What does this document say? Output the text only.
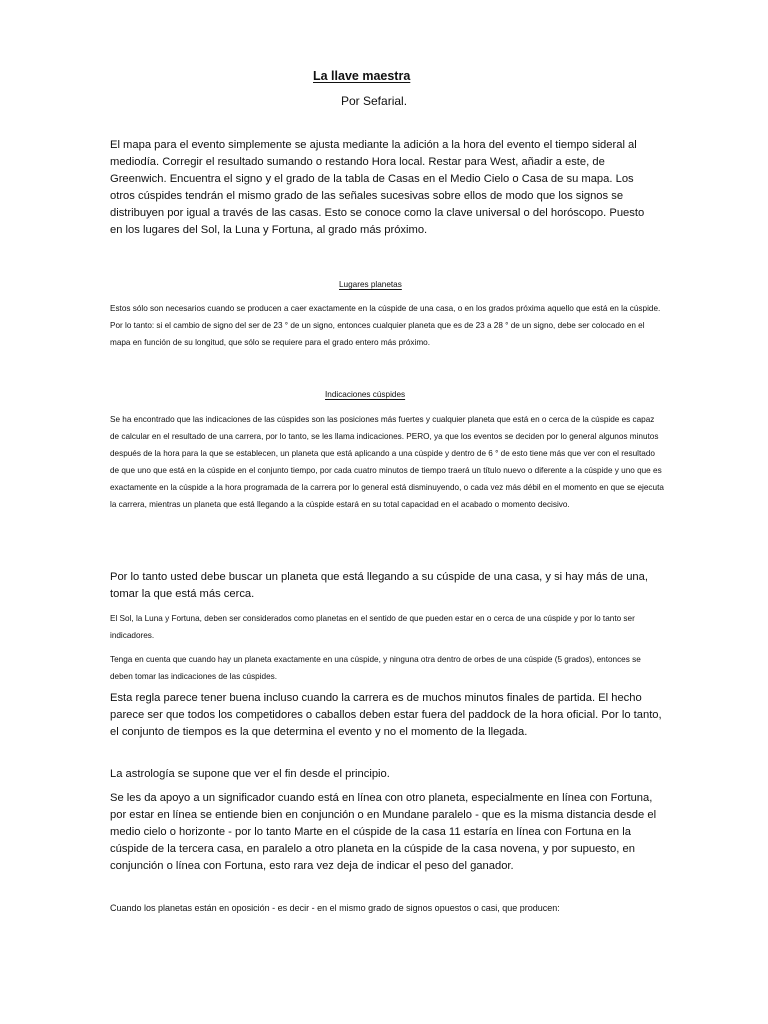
La llave maestra

Por Sefarial.

El mapa para el evento simplemente se ajusta mediante la adición a la hora del evento el tiempo sideral al mediodía. Corregir el resultado sumando o restando Hora local. Restar para West, añadir a este, de Greenwich. Encuentra el signo y el grado de la tabla de Casas en el Medio Cielo o Casa de su mapa. Los otros cúspides tendrán el mismo grado de las señales sucesivas sobre ellos de modo que los signos se distribuyen por igual a través de las casas. Esto se conoce como la clave universal o del horóscopo. Puesto en los lugares del Sol, la Luna y Fortuna, al grado más próximo.

Lugares planetas

Estos sólo son necesarios cuando se producen a caer exactamente en la cúspide de una casa, o en los grados próxima aquello que está en la cúspide. Por lo tanto: si el cambio de signo del ser de 23 ° de un signo, entonces cualquier planeta que es de 23 a 28 ° de un signo, debe ser colocado en el mapa en función de su longitud, que sólo se requiere para el grado entero más próximo.

Indicaciones cúspides

Se ha encontrado que las indicaciones de las cúspides son las posiciones más fuertes y cualquier planeta que está en o cerca de la cúspide es capaz de calcular en el resultado de una carrera, por lo tanto, se les llama indicaciones. PERO, ya que los eventos se deciden por lo general algunos minutos después de la hora para la que se establecen, un planeta que está aplicando a una cúspide y dentro de 6 ° de esto tiene más que ver con el resultado de que uno que está en la cúspide en el conjunto tiempo, por cada cuatro minutos de tiempo traerá un título nuevo o diferente a la cúspide y uno que es exactamente en la cúspide a la hora programada de la carrera por lo general está disminuyendo, o cada vez más débil en el momento en que se ejecuta la carrera, mientras un planeta que está llegando a la cúspide estará en su total capacidad en el acabado o momento decisivo.

Por lo tanto usted debe buscar un planeta que está llegando a su cúspide de una casa, y si hay más de una, tomar la que está más cerca.

El Sol, la Luna y Fortuna, deben ser considerados como planetas en el sentido de que pueden estar en o cerca de una cúspide y por lo tanto ser indicadores.

Tenga en cuenta que cuando hay un planeta exactamente en una cúspide, y ninguna otra dentro de orbes de una cúspide (5 grados), entonces se deben tomar las indicaciones de las cúspides.

Esta regla parece tener buena incluso cuando la carrera es de muchos minutos finales de partida. El hecho parece ser que todos los competidores o caballos deben estar fuera del paddock de la hora oficial. Por lo tanto, el conjunto de tiempos es la que determina el evento y no el momento de la llegada.

La astrología se supone que ver el fin desde el principio.

Se les da apoyo a un significador cuando está en línea con otro planeta, especialmente en línea con Fortuna, por estar en línea se entiende bien en conjunción o en Mundane paralelo - que es la misma distancia desde el medio cielo o horizonte - por lo tanto Marte en el cúspide de la casa 11 estaría en línea con Fortuna en la cúspide de la tercera casa, en paralelo a otro planeta en la cúspide de la casa novena, y por supuesto, en conjunción o línea con Fortuna, esto rara vez deja de indicar el peso del ganador.

Cuando los planetas están en oposición - es decir - en el mismo grado de signos opuestos o casi, que producen:
